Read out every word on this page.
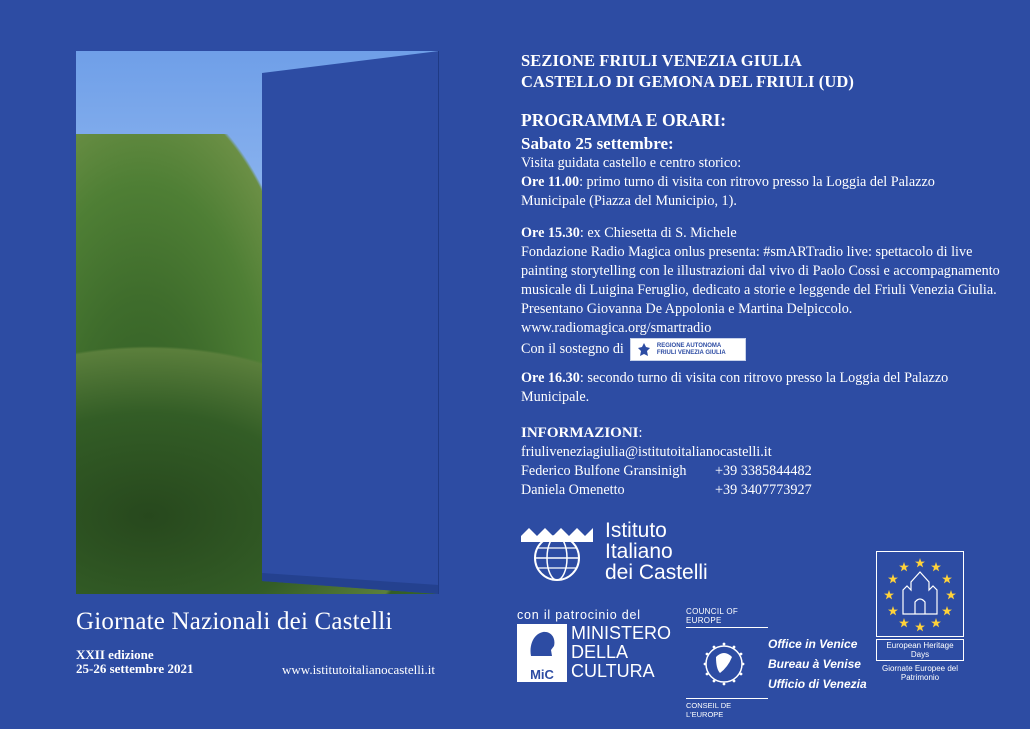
Giornate Nazionali dei Castelli
XXII edizione
25-26 settembre 2021	www.istitutoitalianocastelli.it
SEZIONE FRIULI VENEZIA GIULIA
CASTELLO DI GEMONA DEL FRIULI (UD)
PROGRAMMA E ORARI:
Sabato 25 settembre:

Visita guidata castello e centro storico:

Ore 11.00: primo turno di visita con ritrovo presso la Loggia del Palazzo Municipale (Piazza del Municipio, 1).

Ore 15.30: ex Chiesetta di S. Michele

Fondazione Radio Magica onlus presenta: #smARTradio live: spettacolo di live painting storytelling con le illustrazioni dal vivo di Paolo Cossi e accompagnamento musicale di Luigina Feruglio, dedicato a storie e leggende del Friuli Venezia Giulia. Presentano Giovanna De Appolonia e Martina Delpiccolo. www.radiomagica.org/smartradio

Con il sostegno di	REGIONE AUTONOMA
FRIULI VENEZIA GIULIA

Ore 16.30: secondo turno di visita con ritrovo presso la Loggia del Palazzo Municipale.

INFORMAZIONI:

friuliveneziagiulia@istitutoitalianocastelli.it

Federico Bulfone Gransinigh	+39 3385844482
Daniela Omenetto	+39 3407773927
Istituto
Italiano
dei Castelli
con il patrocinio del
MiC
MINISTERO
DELLA
CULTURA
COUNCIL OF EUROPE
Office in Venice
Bureau à Venise
Ufficio di Venezia
CONSEIL DE L'EUROPE
European Heritage Days
Giornate Europee del Patrimonio
